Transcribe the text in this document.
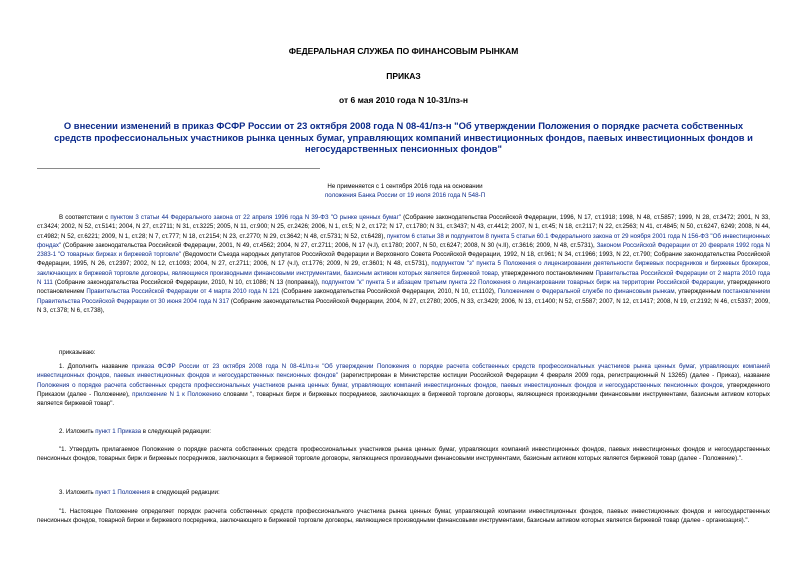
ФЕДЕРАЛЬНАЯ СЛУЖБА ПО ФИНАНСОВЫМ РЫНКАМ
ПРИКАЗ
от 6 мая 2010 года N 10-31/пз-н
О внесении изменений в приказ ФСФР России от 23 октября 2008 года N 08-41/пз-н "Об утверждении Положения о порядке расчета собственных средств профессиональных участников рынка ценных бумаг, управляющих компаний инвестиционных фондов, паевых инвестиционных фондов и негосударственных пенсионных фондов"
Не применяется с 1 сентября 2016 года на основании
положения Банка России от 19 июля 2016 года N 548-П
В соответствии с пунктом 3 статьи 44 Федерального закона от 22 апреля 1996 года N 39-ФЗ "О рынке ценных бумаг" (Собрание законодательства Российской Федерации, 1996, N 17, ст.1918; 1998, N 48, ст.5857; 1999, N 28, ст.3472; 2001, N 33, ст.3424; 2002, N 52, ст.5141; 2004, N 27, ст.2711; N 31, ст.3225; 2005, N 11, ст.900; N 25, ст.2426; 2006, N 1, ст.5; N 2, ст.172; N 17, ст.1780; N 31, ст.3437; N 43, ст.4412; 2007, N 1, ст.45; N 18, ст.2117; N 22, ст.2563; N 41, ст.4845; N 50, ст.6247, 6249; 2008, N 44, ст.4982; N 52, ст.6221; 2009, N 1, ст.28; N 7, ст.777; N 18, ст.2154; N 23, ст.2770; N 29, ст.3642; N 48, ст.5731; N 52, ст.6428), пунктом 6 статьи 38 и подпунктом 8 пункта 5 статьи 60.1 Федерального закона от 29 ноября 2001 года N 156-ФЗ "Об инвестиционных фондах" (Собрание законодательства Российской Федерации, 2001, N 49, ст.4562; 2004, N 27, ст.2711; 2006, N 17 (ч.I), ст.1780; 2007, N 50, ст.6247; 2008, N 30 (ч.II), ст.3616; 2009, N 48, ст.5731), Законом Российской Федерации от 20 февраля 1992 года N 2383-1 "О товарных биржах и биржевой торговле" (Ведомости Съезда народных депутатов Российской Федерации и Верховного Совета Российской Федерации, 1992, N 18, ст.961; N 34, ст.1966; 1993, N 22, ст.790; Собрание законодательства Российской Федерации, 1995, N 26, ст.2397; 2002, N 12, ст.1093; 2004, N 27, ст.2711; 2006, N 17 (ч.I), ст.1776; 2009, N 29, ст.3601; N 48, ст.5731), подпунктом "з" пункта 5 Положения о лицензировании деятельности биржевых посредников и биржевых брокеров, заключающих в биржевой торговле договоры, являющиеся производными финансовыми инструментами, базисным активом которых является биржевой товар, утвержденного постановлением Правительства Российской Федерации от 2 марта 2010 года N 111 (Собрание законодательства Российской Федерации, 2010, N 10, ст.1086; N 13 (поправка)), подпунктом "к" пункта 5 и абзацем третьим пункта 22 Положения о лицензировании товарных бирж на территории Российской Федерации, утвержденного постановлением Правительства Российской Федерации от 4 марта 2010 года N 121 (Собрание законодательства Российской Федерации, 2010, N 10, ст.1102), Положением о Федеральной службе по финансовым рынкам, утвержденным постановлением Правительства Российской Федерации от 30 июня 2004 года N 317 (Собрание законодательства Российской Федерации, 2004, N 27, ст.2780; 2005, N 33, ст.3429; 2006, N 13, ст.1400; N 52, ст.5587; 2007, N 12, ст.1417; 2008, N 19, ст.2192; N 46, ст.5337; 2009, N 3, ст.378; N 6, ст.738),
приказываю:
1. Дополнить название приказа ФСФР России от 23 октября 2008 года N 08-41/пз-н "Об утверждении Положения о порядке расчета собственных средств профессиональных участников рынка ценных бумаг, управляющих компаний инвестиционных фондов, паевых инвестиционных фондов и негосударственных пенсионных фондов" (зарегистрирован в Министерстве юстиции Российской Федерации 4 февраля 2009 года, регистрационный N 13265) (далее - Приказ), название Положения о порядке расчета собственных средств профессиональных участников рынка ценных бумаг, управляющих компаний инвестиционных фондов, паевых инвестиционных фондов и негосударственных пенсионных фондов, утвержденного Приказом (далее - Положение), приложение N 1 к Положению словами ", товарных бирж и биржевых посредников, заключающих в биржевой торговле договоры, являющиеся производными финансовыми инструментами, базисным активом которых является биржевой товар".
2. Изложить пункт 1 Приказа в следующей редакции:
"1. Утвердить прилагаемое Положение о порядке расчета собственных средств профессиональных участников рынка ценных бумаг, управляющих компаний инвестиционных фондов, паевых инвестиционных фондов и негосударственных пенсионных фондов, товарных бирж и биржевых посредников, заключающих в биржевой торговле договоры, являющиеся производными финансовыми инструментами, базисным активом которых является биржевой товар (далее - Положение).".
3. Изложить пункт 1 Положения в следующей редакции:
"1. Настоящее Положение определяет порядок расчета собственных средств профессионального участника рынка ценных бумаг, управляющей компании инвестиционных фондов, паевых инвестиционных фондов и негосударственных пенсионных фондов, товарной биржи и биржевого посредника, заключающего в биржевой торговле договоры, являющиеся производными финансовыми инструментами, базисным активом которых является биржевой товар (далее - организация).".
